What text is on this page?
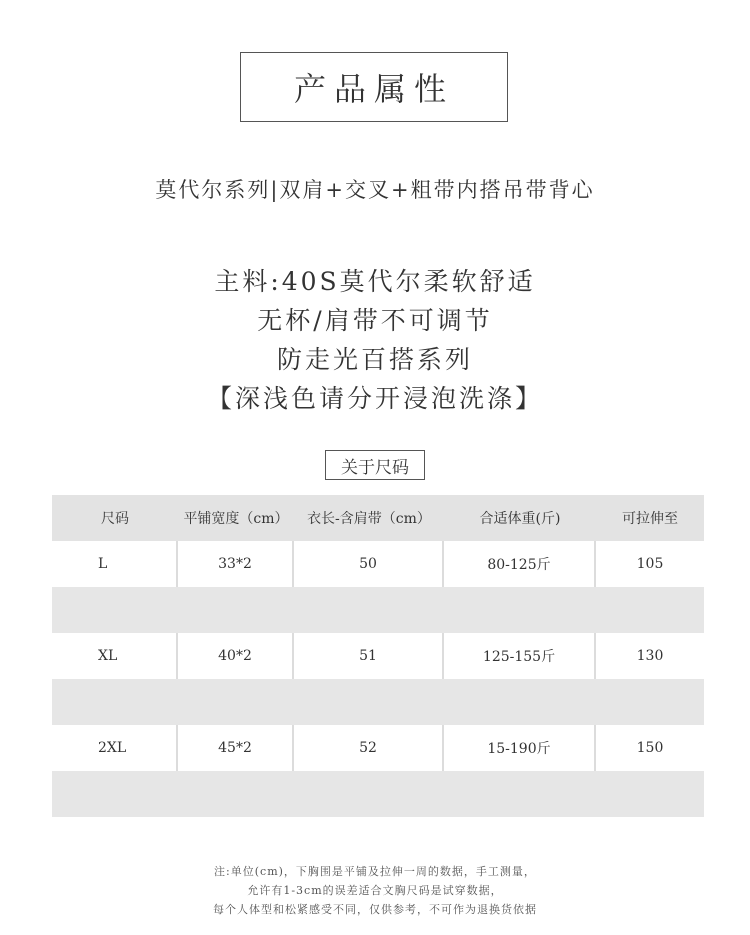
产品属性
莫代尔系列|双肩+交叉+粗带内搭吊带背心
主料:40S莫代尔柔软舒适
无杯/肩带不可调节
防走光百搭系列
【深浅色请分开浸泡洗涤】
关于尺码
尺码	平铺宽度（cm）	衣长-含肩带（cm）	合适体重(斤)	可拉伸至
L	33*2	50	80-125斤	105
XL	40*2	51	125-155斤	130
2XL	45*2	52	15-190斤	150
注:单位(cm)，下胸围是平铺及拉伸一周的数据，手工测量，
允许有1-3cm的误差适合文胸尺码是试穿数据，
每个人体型和松紧感受不同，仅供参考，不可作为退换货依据
